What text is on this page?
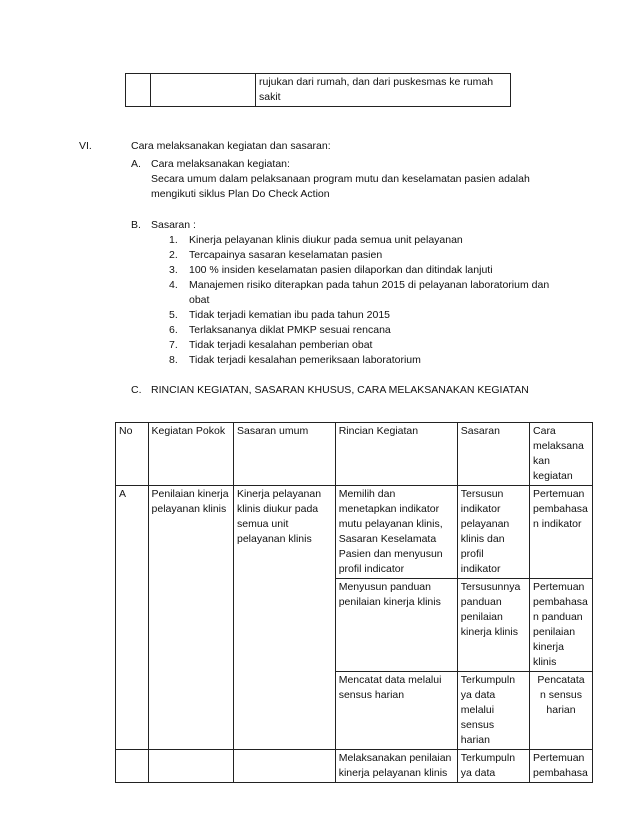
		rujukan dari rumah, dan dari puskesmas ke rumah sakit
VI.	Cara melaksanakan kegiatan dan sasaran:
A. Cara melaksanakan kegiatan:
Secara umum dalam pelaksanaan program mutu dan keselamatan pasien adalah
mengikuti siklus Plan Do Check Action
B. Sasaran :
1. Kinerja pelayanan klinis diukur pada semua unit pelayanan
2. Tercapainya sasaran keselamatan pasien
3. 100 % insiden keselamatan pasien dilaporkan dan ditindak lanjuti
4. Manajemen risiko diterapkan pada tahun 2015 di pelayanan laboratorium dan
obat
5. Tidak terjadi kematian ibu pada tahun 2015
6. Terlaksananya diklat PMKP sesuai rencana
7. Tidak terjadi kesalahan pemberian obat
8. Tidak terjadi kesalahan pemeriksaan laboratorium
C. RINCIAN KEGIATAN, SASARAN KHUSUS, CARA MELAKSANAKAN KEGIATAN
No	Kegiatan Pokok	Sasaran umum	Rincian Kegiatan	Sasaran	Cara melaksana kan kegiatan
A	Penilaian kinerja pelayanan klinis	Kinerja pelayanan klinis diukur pada semua unit pelayanan klinis	Memilih dan menetapkan indikator mutu pelayanan klinis, Sasaran Keselamata Pasien dan menyusun profil indicator	Tersusun indikator pelayanan klinis dan profil indikator	Pertemuan pembahasa n indikator
			Menyusun panduan penilaian kinerja klinis	Tersusunnya panduan penilaian kinerja klinis	Pertemuan pembahasa n panduan penilaian kinerja klinis
			Mencatat data melalui sensus harian	Terkumpuln ya data melalui sensus harian	Pencatata n sensus harian
			Melaksanakan penilaian kinerja pelayanan klinis	Terkumpuln ya data	Pertemuan pembahasa
